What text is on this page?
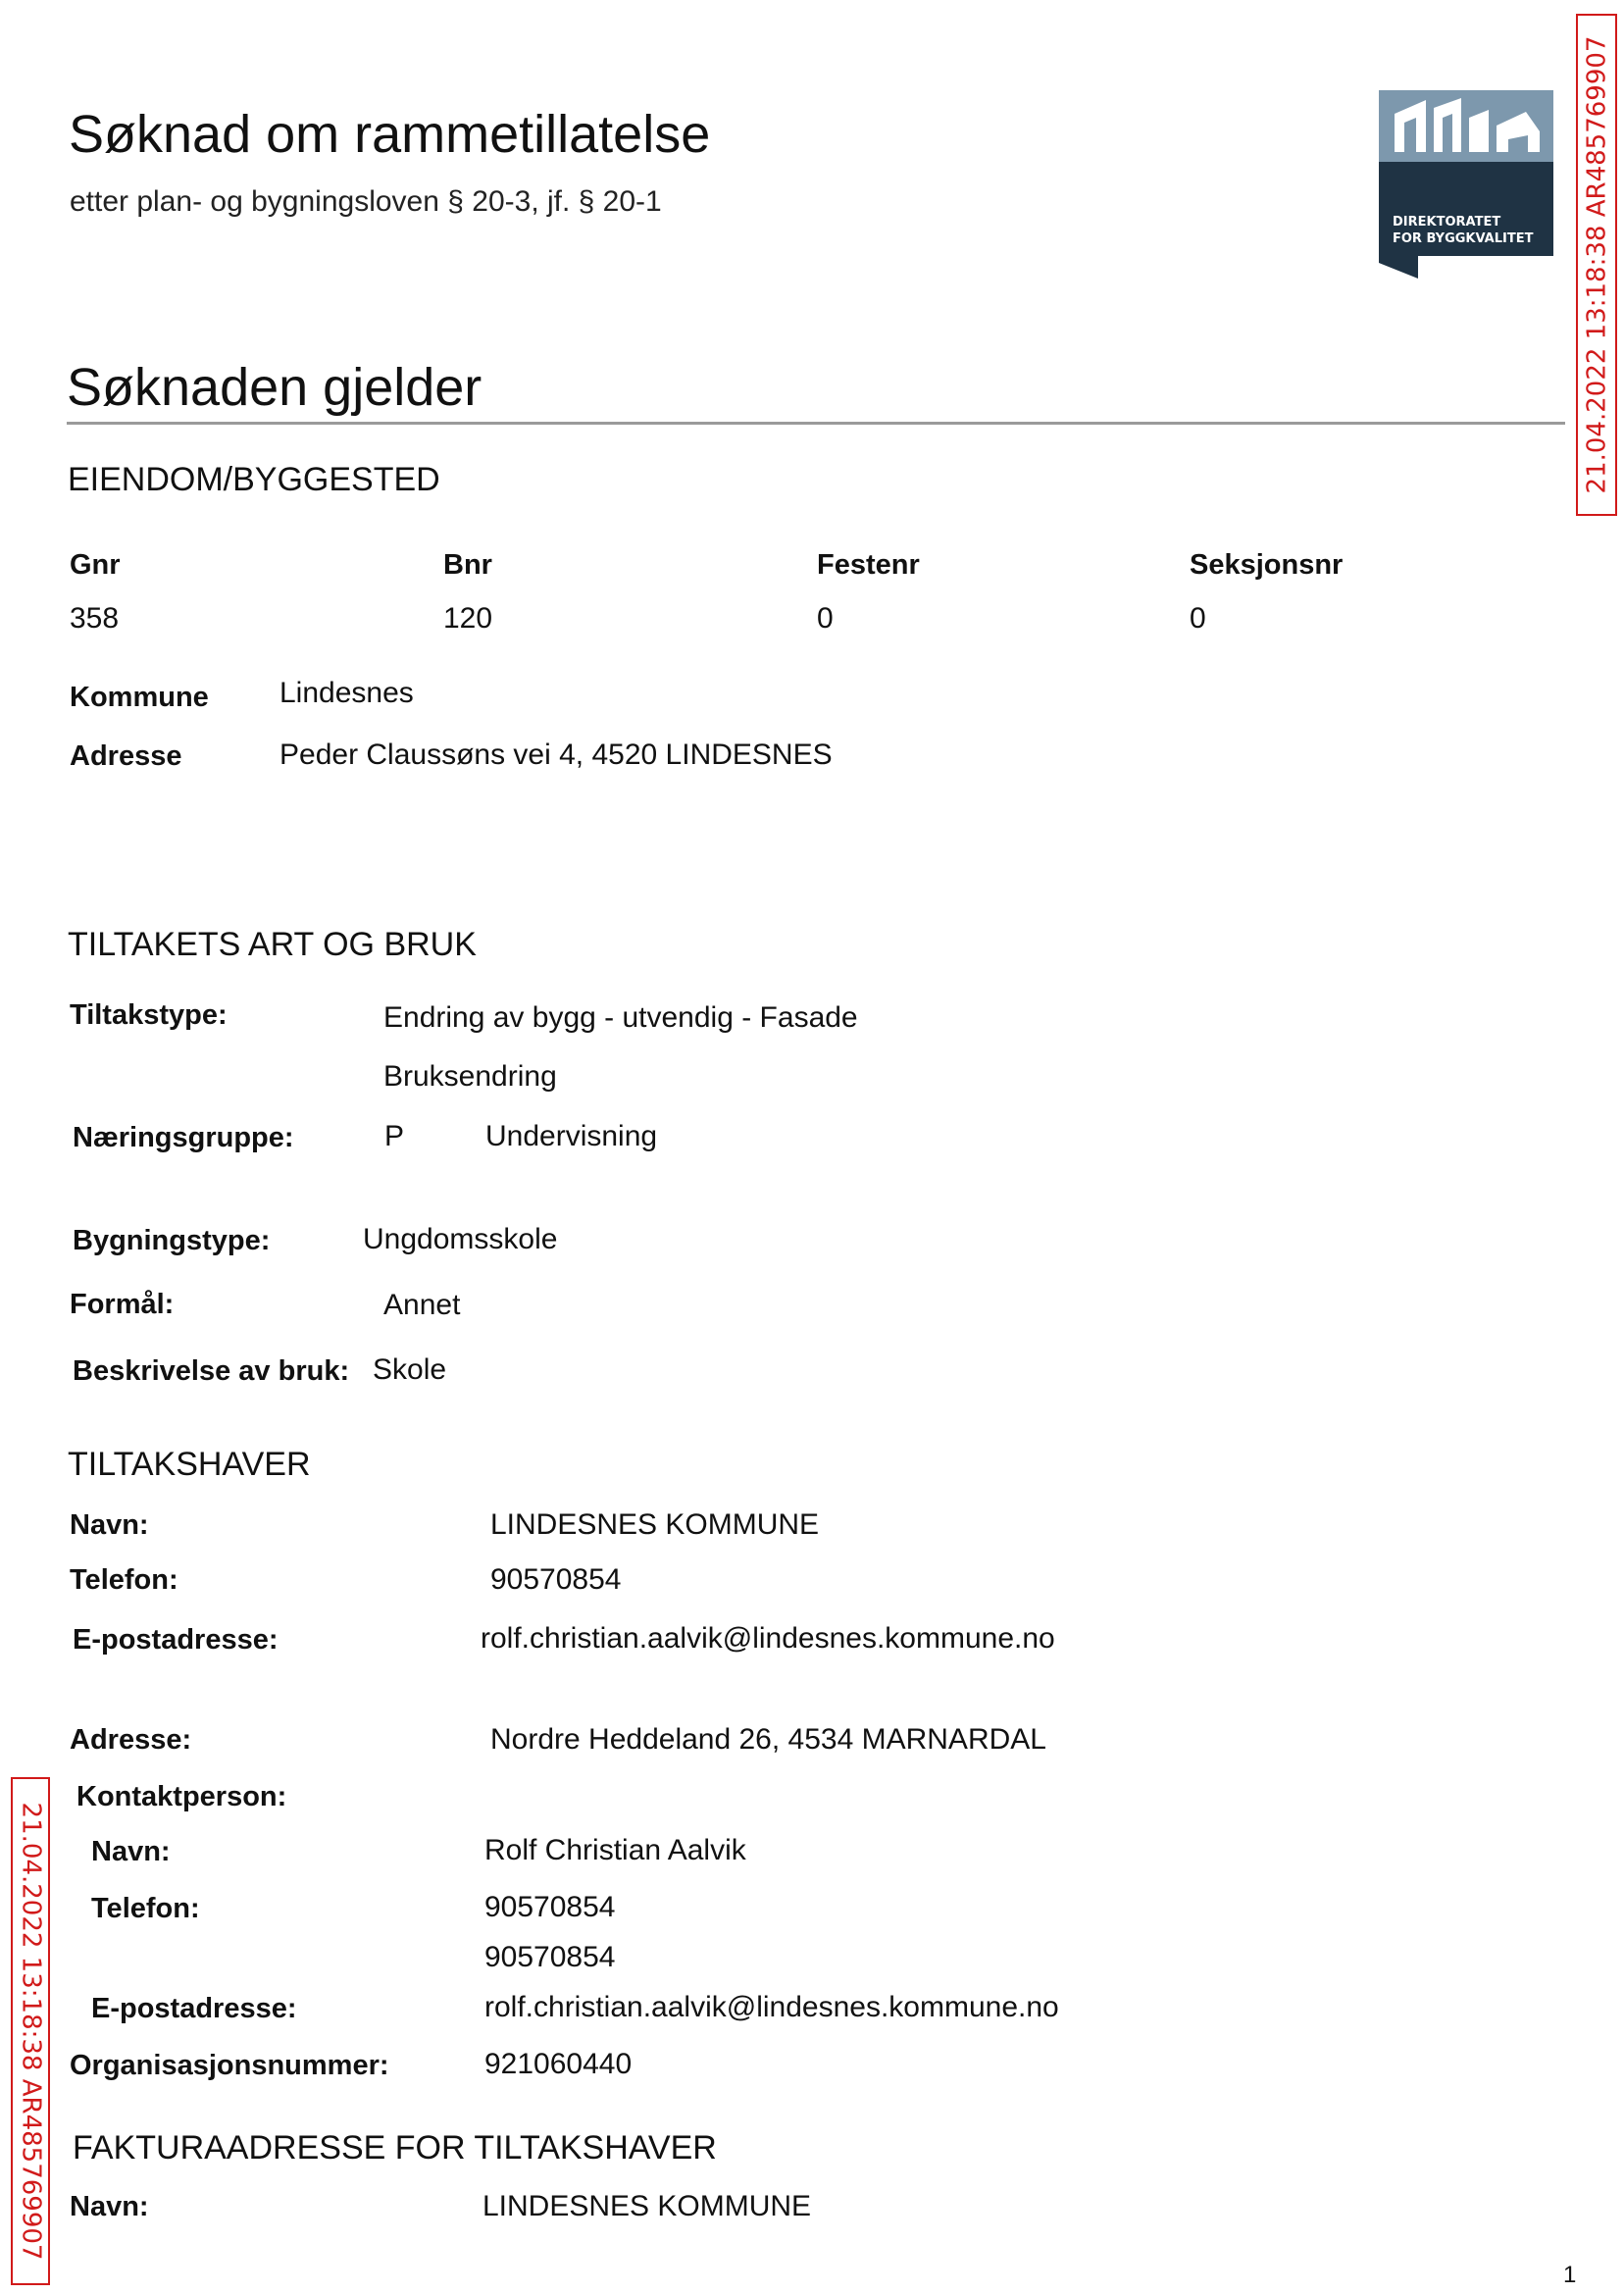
Søknad om rammetillatelse
etter plan- og bygningsloven § 20-3, jf. § 20-1
DIREKTORATET
FOR BYGGKVALITET 21.04.2022 13:18:38 AR485769907
21.04.2022 13:18:38 AR485769907
Søknaden gjelder
EIENDOM/BYGGESTED
Gnr	Bnr	Festenr	Seksjonsnr
358	120	0	0
Kommune Lindesnes
Adresse	Peder Claussøns vei 4, 4520 LINDESNES
TILTAKETS ART OG BRUK
Tiltakstype:	Endring av bygg - utvendig - Fasade
Bruksendring
Næringsgruppe:	P	Undervisning
Bygningstype:	Ungdomsskole
Formål:	Annet
Beskrivelse av bruk: Skole
TILTAKSHAVER
Navn:	LINDESNES KOMMUNE
Telefon:	90570854
E-postadresse:	rolf.christian.aalvik@lindesnes.kommune.no
Adresse:	Nordre Heddeland 26, 4534 MARNARDAL
Kontaktperson:
Navn:	Rolf Christian Aalvik
Telefon:	90570854
90570854
E-postadresse:	rolf.christian.aalvik@lindesnes.kommune.no
Organisasjonsnummer:	921060440
FAKTURAADRESSE FOR TILTAKSHAVER
Navn:	LINDESNES KOMMUNE
1
